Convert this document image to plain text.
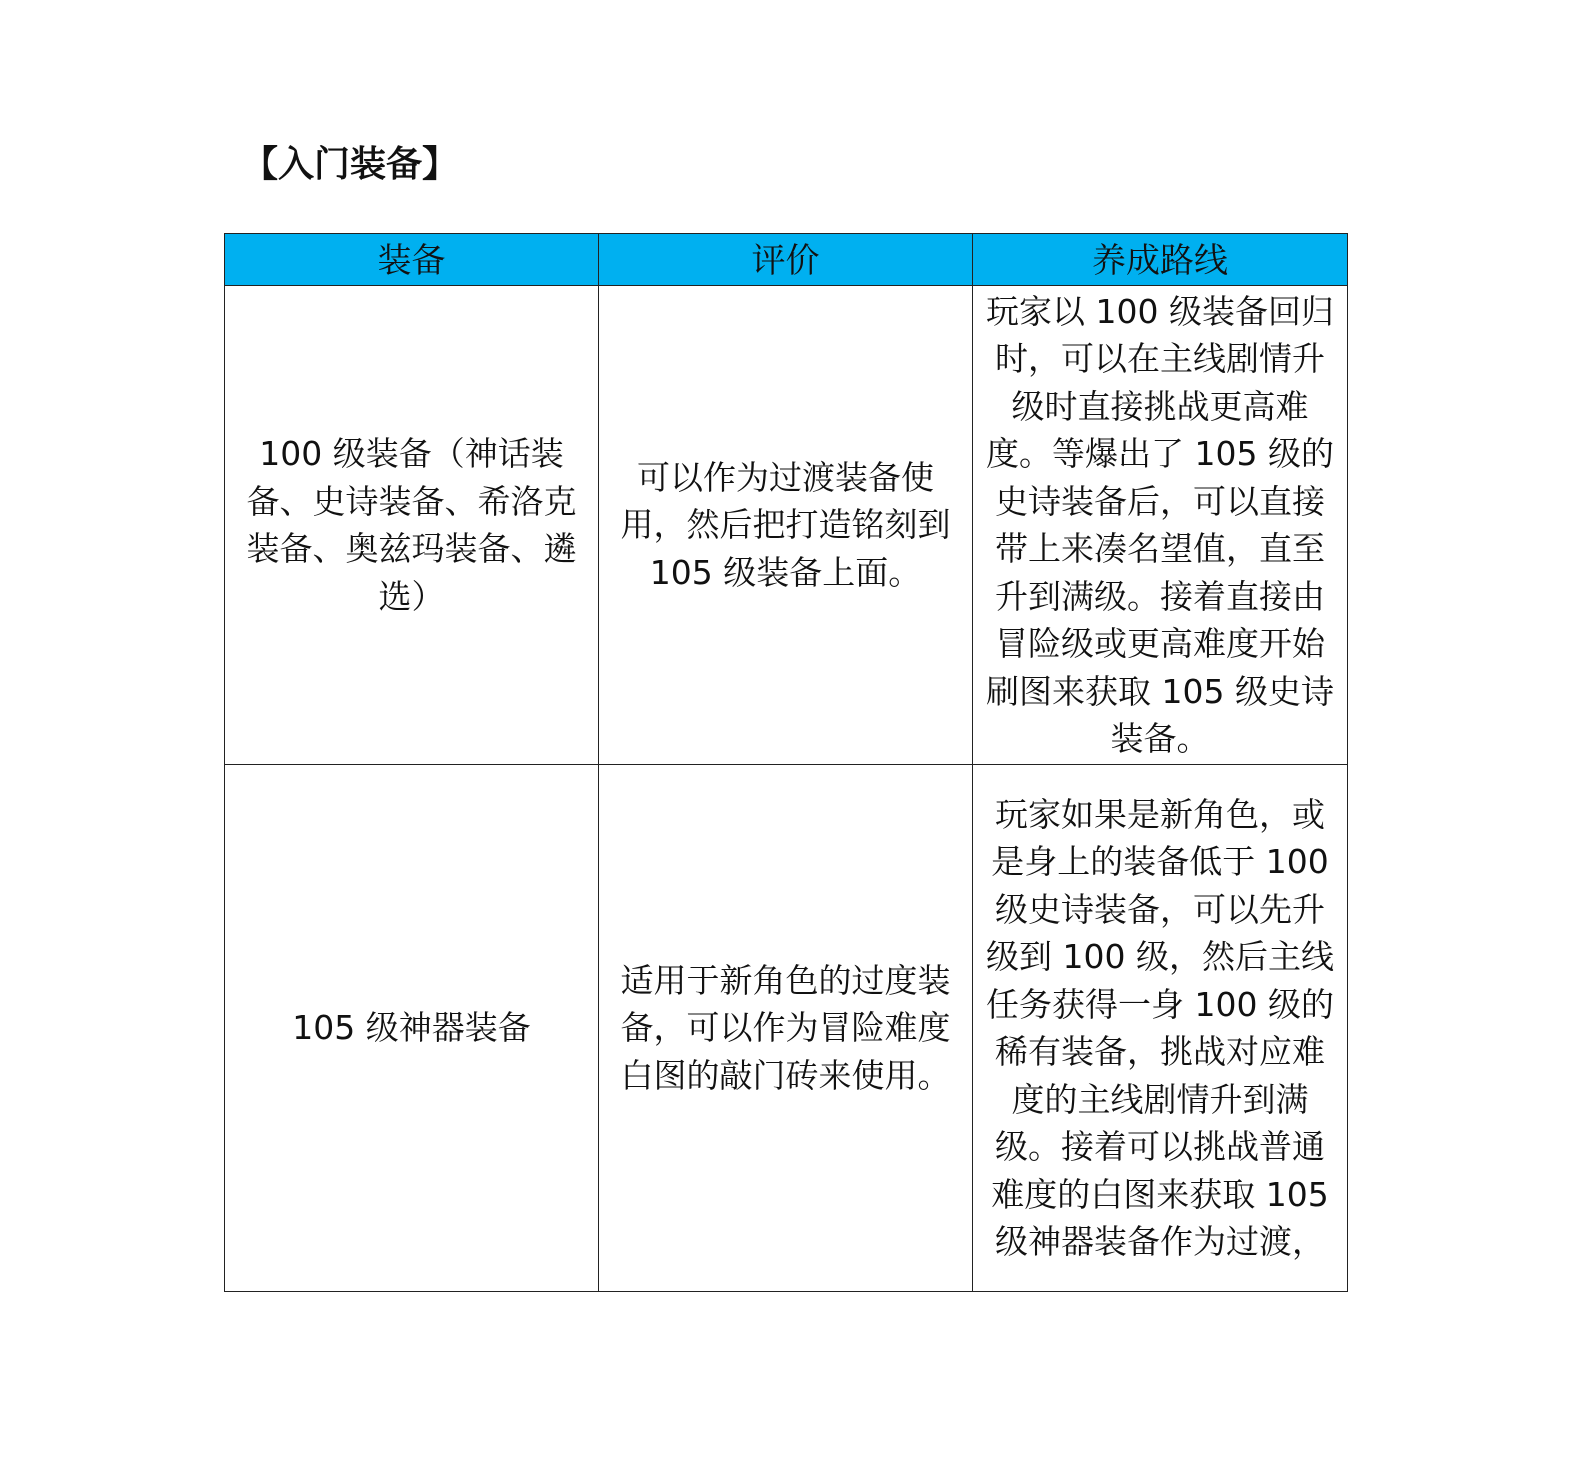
【入门装备】
装备	评价	养成路线

100 级装备（神话装备、史诗装备、希洛克装备、奥兹玛装备、遴选）	可以作为过渡装备使用，然后把打造铭刻到 105 级装备上面。	玩家以 100 级装备回归时，可以在主线剧情升级时直接挑战更高难度。等爆出了 105 级的史诗装备后，可以直接带上来凑名望值，直至升到满级。接着直接由冒险级或更高难度开始刷图来获取 105 级史诗装备。

105 级神器装备	适用于新角色的过度装备，可以作为冒险难度白图的敲门砖来使用。	玩家如果是新角色，或是身上的装备低于 100 级史诗装备，可以先升级到 100 级，然后主线任务获得一身 100 级的稀有装备，挑战对应难度的主线剧情升到满级。接着可以挑战普通难度的白图来获取 105 级神器装备作为过渡，
